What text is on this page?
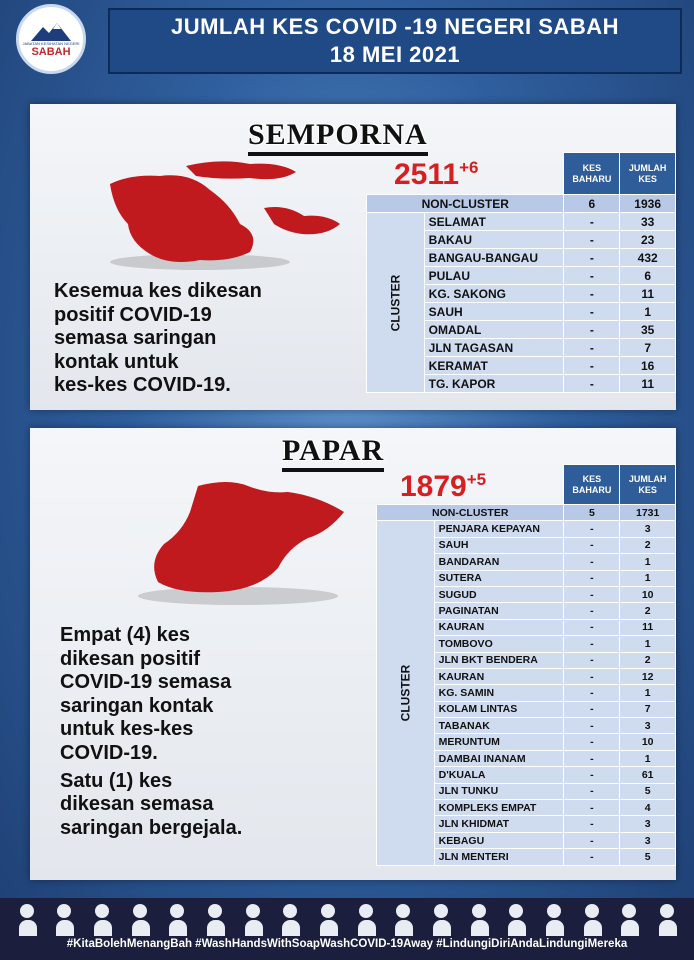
JABATAN KESIHATAN NEGERI
SABAH
JUMLAH KES COVID -19 NEGERI SABAH
18 MEI 2021
SEMPORNA
$2511^{+6}$
		KES BAHARU	JUMLAH KES
NON-CLUSTER		6	1936
CLUSTER	SELAMAT	-	33
	BAKAU	-	23
	BANGAU-BANGAU	-	432
	PULAU	-	6
	KG. SAKONG	-	11
	SAUH	-	1
	OMADAL	-	35
	JLN TAGASAN	-	7
	KERAMAT	-	16
	TG. KAPOR	-	11
Kesemua kes dikesan
positif COVID-19
semasa saringan
kontak untuk
kes-kes COVID-19.
PAPAR
$1879^{+5}$
		KES BAHARU	JUMLAH KES
NON-CLUSTER		5	1731
CLUSTER	PENJARA KEPAYAN	-	3
	SAUH	-	2
	BANDARAN	-	1
	SUTERA	-	1
	SUGUD	-	10
	PAGINATAN	-	2
	KAURAN	-	11
	TOMBOVO	-	1
	JLN BKT BENDERA	-	2
	KAURAN	-	12
	KG. SAMIN	-	1
	KOLAM LINTAS	-	7
	TABANAK	-	3
	MERUNTUM	-	10
	DAMBAI INANAM	-	1
	D'KUALA	-	61
	JLN TUNKU	-	5
	KOMPLEKS EMPAT	-	4
	JLN KHIDMAT	-	3
	KEBAGU	-	3
	JLN MENTERI	-	5

Empat (4) kes
dikesan positif
COVID-19 semasa
saringan kontak
untuk kes-kes
COVID-19.

Satu (1) kes
dikesan semasa
saringan bergejala.

#KitaBolehMenangBah #WashHandsWithSoapWashCOVID-19Away #LindungiDiriAndaLindungiMereka
